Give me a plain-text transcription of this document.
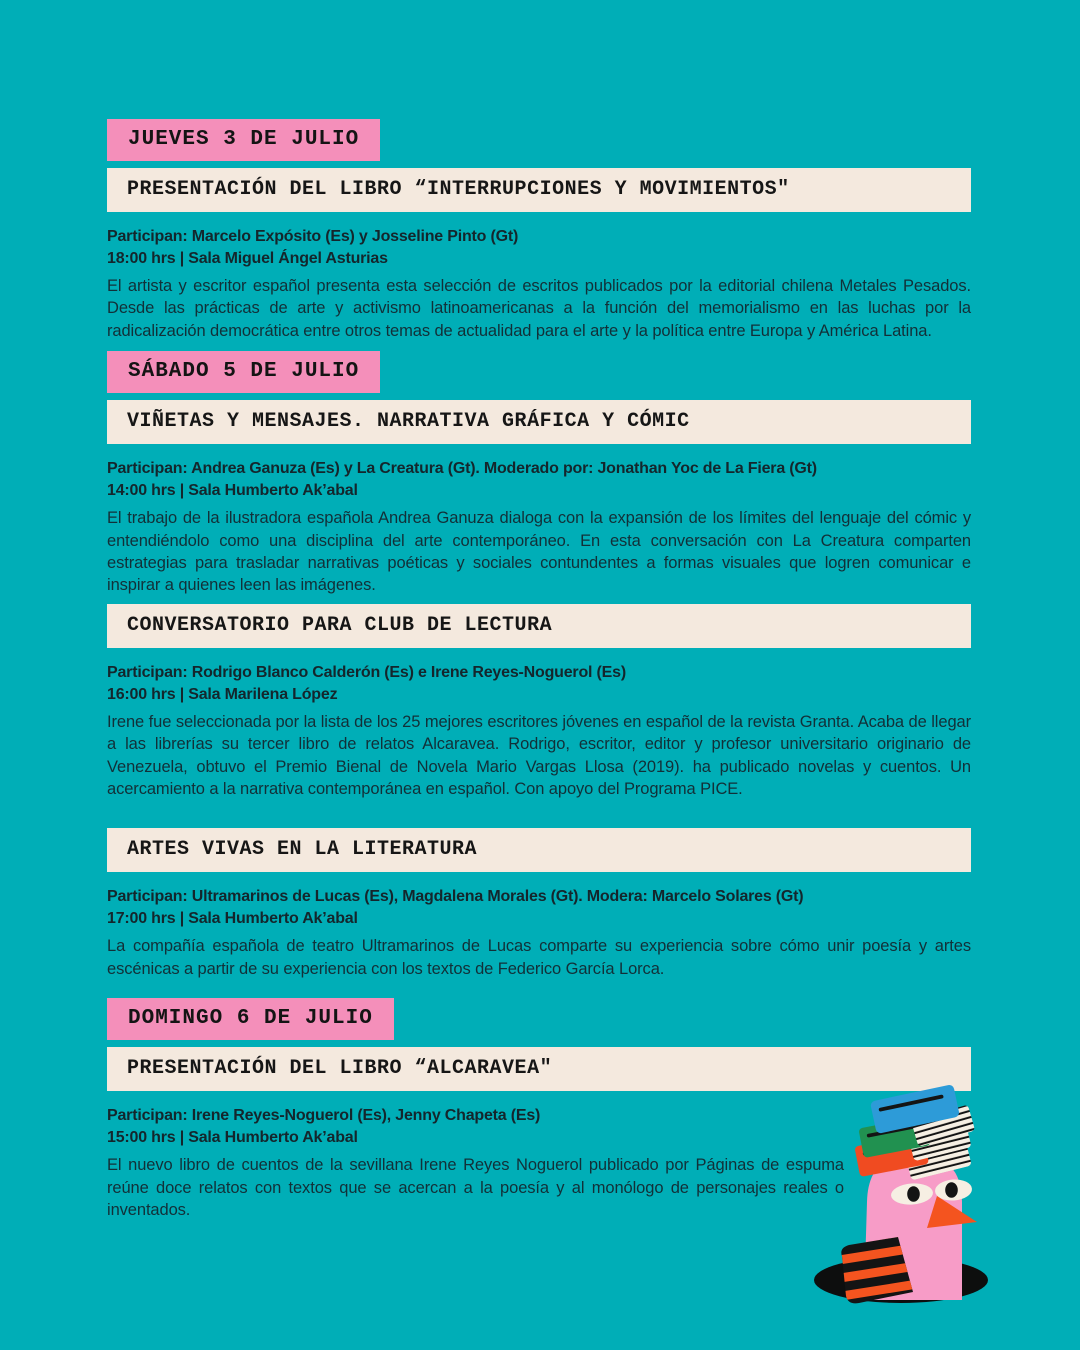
JUEVES 3 DE JULIO
PRESENTACIÓN DEL LIBRO “INTERRUPCIONES Y MOVIMIENTOS"
Participan: Marcelo Expósito (Es) y Josseline Pinto (Gt)
18:00 hrs | Sala Miguel Ángel Asturias

El artista y escritor español presenta esta selección de escritos publicados por la editorial chilena Metales Pesados. Desde las prácticas de arte y activismo latinoamericanas a la función del memorialismo en las luchas por la radicalización democrática entre otros temas de actualidad para el arte y la política entre Europa y América Latina.

SÁBADO 5 DE JULIO
VIÑETAS Y MENSAJES. NARRATIVA GRÁFICA Y CÓMIC
Participan: Andrea Ganuza (Es) y La Creatura (Gt). Moderado por: Jonathan Yoc de La Fiera (Gt)
14:00 hrs | Sala Humberto Ak’abal

El trabajo de la ilustradora española Andrea Ganuza dialoga con la expansión de los límites del lenguaje del cómic y entendiéndolo como una disciplina del arte contemporáneo. En esta conversación con La Creatura comparten estrategias para trasladar narrativas poéticas y sociales contundentes a formas visuales que logren comunicar e inspirar a quienes leen las imágenes.

CONVERSATORIO PARA CLUB DE LECTURA
Participan: Rodrigo Blanco Calderón (Es) e Irene Reyes-Noguerol (Es)
16:00 hrs | Sala Marilena López

Irene fue seleccionada por la lista de los 25 mejores escritores jóvenes en español de la revista Granta. Acaba de llegar a las librerías su tercer libro de relatos Alcaravea. Rodrigo, escritor, editor y profesor universitario originario de Venezuela, obtuvo el Premio Bienal de Novela Mario Vargas Llosa (2019). ha publicado novelas y cuentos. Un acercamiento a la narrativa contemporánea en español. Con apoyo del Programa PICE.

ARTES VIVAS EN LA LITERATURA
Participan: Ultramarinos de Lucas (Es), Magdalena Morales (Gt). Modera: Marcelo Solares (Gt)
17:00 hrs | Sala Humberto Ak’abal

La compañía española de teatro Ultramarinos de Lucas comparte su experiencia sobre cómo unir poesía y artes escénicas a partir de su experiencia con los textos de Federico García Lorca.

DOMINGO 6 DE JULIO
PRESENTACIÓN DEL LIBRO “ALCARAVEA"
Participan: Irene Reyes-Noguerol (Es), Jenny Chapeta (Es)
15:00 hrs | Sala Humberto Ak’abal

El nuevo libro de cuentos de la sevillana Irene Reyes Noguerol publicado por Páginas de espuma reúne doce relatos con textos que se acercan a la poesía y al monólogo de personajes reales o inventados.
